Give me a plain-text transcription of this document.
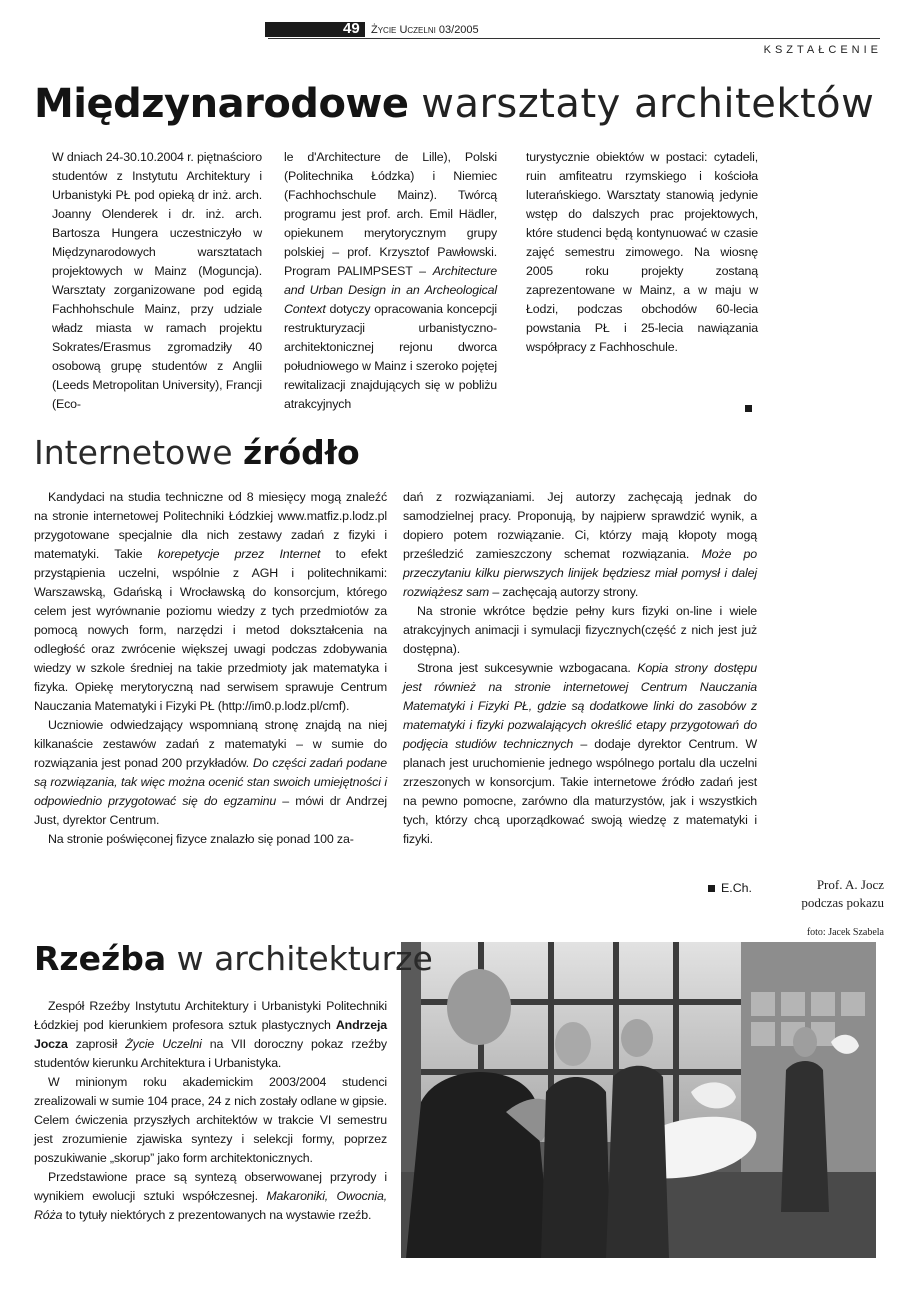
49 Życie Uczelni 03/2005
KSZTAŁCENIE
Międzynarodowe warsztaty architektów

W dniach 24-30.10.2004 r. piętnaścioro studentów z Instytutu Architektury i Urbanistyki PŁ pod opieką dr inż. arch. Joanny Olenderek i dr. inż. arch. Bartosza Hungera uczestniczyło w Międzynarodowych warsztatach projektowych w Mainz (Moguncja). Warsztaty zorganizowane pod egidą Fachhohschule Mainz, przy udziale władz miasta w ramach projektu Sokrates/Erasmus zgromadziły 40 osobową grupę studentów z Anglii (Leeds Metropolitan University), Francji (Eco-

le d'Architecture de Lille), Polski (Politechnika Łódzka) i Niemiec (Fachhochschule Mainz). Twórcą programu jest prof. arch. Emil Hädler, opiekunem merytorycznym grupy polskiej – prof. Krzysztof Pawłowski. Program PALIMPSEST – Architecture and Urban Design in an Archeological Context dotyczy opracowania koncepcji restrukturyzacji urbanistyczno-architektonicznej rejonu dworca południowego w Mainz i szeroko pojętej rewitalizacji znajdujących się w pobliżu atrakcyjnych

turystycznie obiektów w postaci: cytadeli, ruin amfiteatru rzymskiego i kościoła luterańskiego. Warsztaty stanowią jedynie wstęp do dalszych prac projektowych, które studenci będą kontynuować w czasie zajęć semestru zimowego. Na wiosnę 2005 roku projekty zostaną zaprezentowane w Mainz, a w maju w Łodzi, podczas obchodów 60-lecia powstania PŁ i 25-lecia nawiązania współpracy z Fachhoschule.

Internetowe źródło

Kandydaci na studia techniczne od 8 miesięcy mogą znaleźć na stronie internetowej Politechniki Łódzkiej www.matfiz.p.lodz.pl przygotowane specjalnie dla nich zestawy zadań z fizyki i matematyki. Takie korepetycje przez Internet to efekt przystąpienia uczelni, wspólnie z AGH i politechnikami: Warszawską, Gdańską i Wrocławską do konsorcjum, którego celem jest wyrównanie poziomu wiedzy z tych przedmiotów za pomocą nowych form, narzędzi i metod dokształcenia na odległość oraz zwrócenie większej uwagi podczas zdobywania wiedzy w szkole średniej na takie przedmioty jak matematyka i fizyka. Opiekę merytoryczną nad serwisem sprawuje Centrum Nauczania Matematyki i Fizyki PŁ (http://im0.p.lodz.pl/cmf).

Uczniowie odwiedzający wspomnianą stronę znajdą na niej kilkanaście zestawów zadań z matematyki – w sumie do rozwiązania jest ponad 200 przykładów. Do części zadań podane są rozwiązania, tak więc można ocenić stan swoich umiejętności i odpowiednio przygotować się do egzaminu – mówi dr Andrzej Just, dyrektor Centrum.

Na stronie poświęconej fizyce znalazło się ponad 100 za-

dań z rozwiązaniami. Jej autorzy zachęcają jednak do samodzielnej pracy. Proponują, by najpierw sprawdzić wynik, a dopiero potem rozwiązanie. Ci, którzy mają kłopoty mogą prześledzić zamieszczony schemat rozwiązania. Może po przeczytaniu kilku pierwszych linijek będziesz miał pomysł i dalej rozwiążesz sam – zachęcają autorzy strony.

Na stronie wkrótce będzie pełny kurs fizyki on-line i wiele atrakcyjnych animacji i symulacji fizycznych(część z nich jest już dostępna).

Strona jest sukcesywnie wzbogacana. Kopia strony dostępu jest również na stronie internetowej Centrum Nauczania Matematyki i Fizyki PŁ, gdzie są dodatkowe linki do zasobów z matematyki i fizyki pozwalających określić etapy przygotowań do podjęcia studiów technicznych – dodaje dyrektor Centrum. W planach jest uruchomienie jednego wspólnego portalu dla uczelni zrzeszonych w konsorcjum. Takie internetowe źródło zadań jest na pewno pomocne, zarówno dla maturzystów, jak i wszystkich tych, którzy chcą uporządkować swoją wiedzę z matematyki i fizyki.

E.Ch.	Prof. A. Jocz
podczas pokazu
foto: Jacek Szabela
Rzeźba w architekturze

Zespół Rzeźby Instytutu Architektury i Urbanistyki Politechniki Łódzkiej pod kierunkiem profesora sztuk plastycznych Andrzeja Jocza zaprosił Życie Uczelni na VII doroczny pokaz rzeźby studentów kierunku Architektura i Urbanistyka.

W minionym roku akademickim 2003/2004 studenci zrealizowali w sumie 104 prace, 24 z nich zostały odlane w gipsie. Celem ćwiczenia przyszłych architektów w trakcie VI semestru jest zrozumienie zjawiska syntezy i selekcji formy, poprzez poszukiwanie „skorup” jako form architektonicznych.

Przedstawione prace są syntezą obserwowanej przyrody i wynikiem ewolucji sztuki współczesnej. Makaroniki, Owocnia, Róża to tytuły niektórych z prezentowanych na wystawie rzeźb.
